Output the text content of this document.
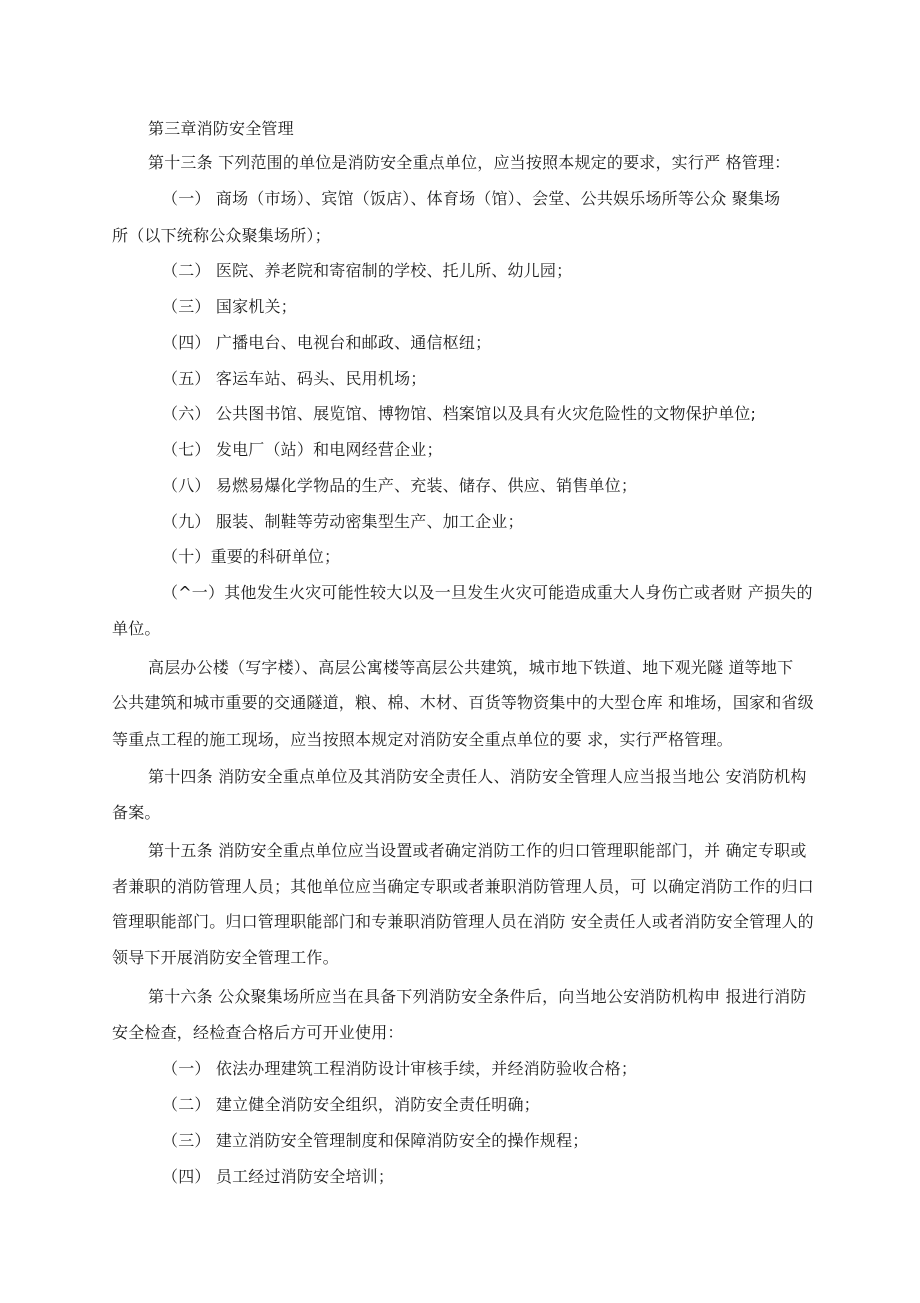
第三章消防安全管理
第十三条 下列范围的单位是消防安全重点单位，应当按照本规定的要求，实行严 格管理：
（一） 商场（市场）、宾馆（饭店）、体育场（馆）、会堂、公共娱乐场所等公众 聚集场
所（以下统称公众聚集场所）；
（二） 医院、养老院和寄宿制的学校、托儿所、幼儿园；
（三） 国家机关；
（四） 广播电台、电视台和邮政、通信枢纽；
（五） 客运车站、码头、民用机场；
（六） 公共图书馆、展览馆、博物馆、档案馆以及具有火灾危险性的文物保护单位;
（七） 发电厂（站）和电网经营企业；
（八） 易燃易爆化学物品的生产、充装、储存、供应、销售单位；
（九） 服装、制鞋等劳动密集型生产、加工企业；
（十）重要的科研单位；
（^一）其他发生火灾可能性较大以及一旦发生火灾可能造成重大人身伤亡或者财 产损失的
单位。
高层办公楼（写字楼）、高层公寓楼等高层公共建筑，城市地下铁道、地下观光隧 道等地下
公共建筑和城市重要的交通隧道，粮、棉、木材、百货等物资集中的大型仓库 和堆场，国家和省级
等重点工程的施工现场，应当按照本规定对消防安全重点单位的要 求，实行严格管理。
第十四条 消防安全重点单位及其消防安全责任人、消防安全管理人应当报当地公 安消防机构
备案。
第十五条 消防安全重点单位应当设置或者确定消防工作的归口管理职能部门，并 确定专职或
者兼职的消防管理人员；其他单位应当确定专职或者兼职消防管理人员，可 以确定消防工作的归口
管理职能部门。归口管理职能部门和专兼职消防管理人员在消防 安全责任人或者消防安全管理人的
领导下开展消防安全管理工作。
第十六条 公众聚集场所应当在具备下列消防安全条件后，向当地公安消防机构申 报进行消防
安全检查，经检查合格后方可开业使用：
（一） 依法办理建筑工程消防设计审核手续，并经消防验收合格；
（二） 建立健全消防安全组织，消防安全责任明确；
（三） 建立消防安全管理制度和保障消防安全的操作规程；
（四） 员工经过消防安全培训；
